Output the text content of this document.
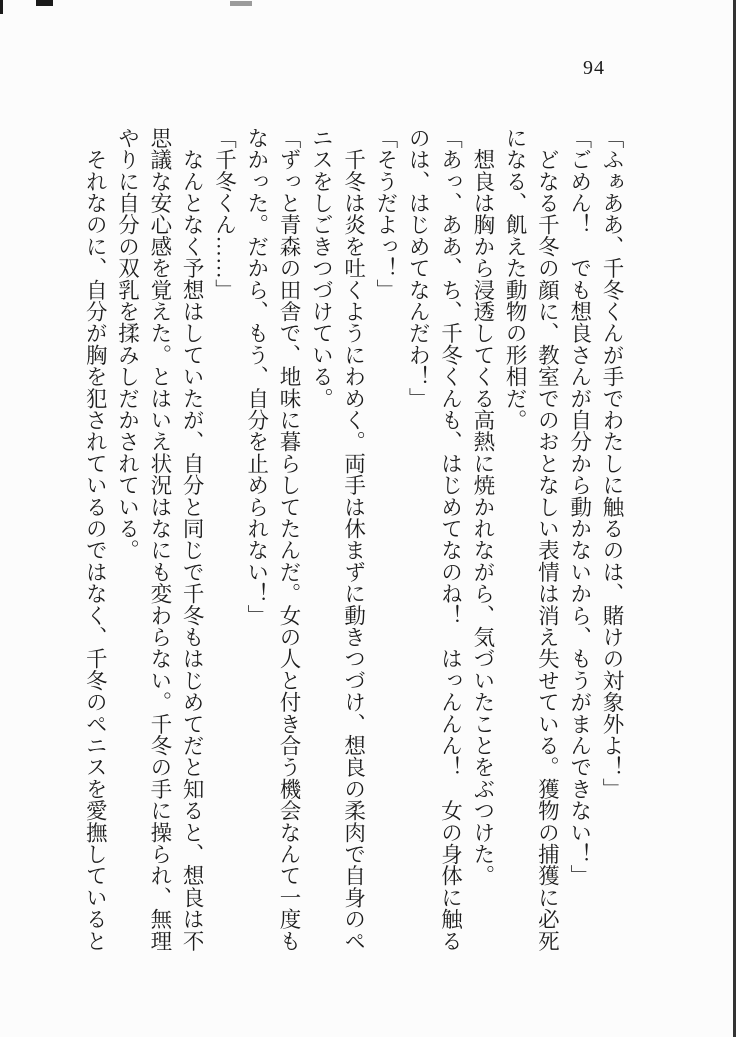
94
「ふぁああ、千冬くんが手でわたしに触るのは、賭けの対象外よ！」
「ごめん！　でも想良さんが自分から動かないから、もうがまんできない！」
　どなる千冬の顔に、教室でのおとなしい表情は消え失せている。獲物の捕獲に必死
になる、飢えた動物の形相だ。
　想良は胸から浸透してくる高熱に焼かれながら、気づいたことをぶつけた。
「あっ、ああ、ち、千冬くんも、はじめてなのね！　はっんんん！　女の身体に触る
のは、はじめてなんだわ！」
「そうだよっ！」
　千冬は炎を吐くようにわめく。両手は休まずに動きつづけ、想良の柔肉で自身のペ
ニスをしごきつづけている。
「ずっと青森の田舎で、地味に暮らしてたんだ。女の人と付き合う機会なんて一度も
なかった。だから、もう、自分を止められない！」
「千冬くん……」
　なんとなく予想はしていたが、自分と同じで千冬もはじめてだと知ると、想良は不
思議な安心感を覚えた。とはいえ状況はなにも変わらない。千冬の手に操られ、無理
やりに自分の双乳を揉みしだかされている。
　それなのに、自分が胸を犯されているのではなく、千冬のペニスを愛撫していると
